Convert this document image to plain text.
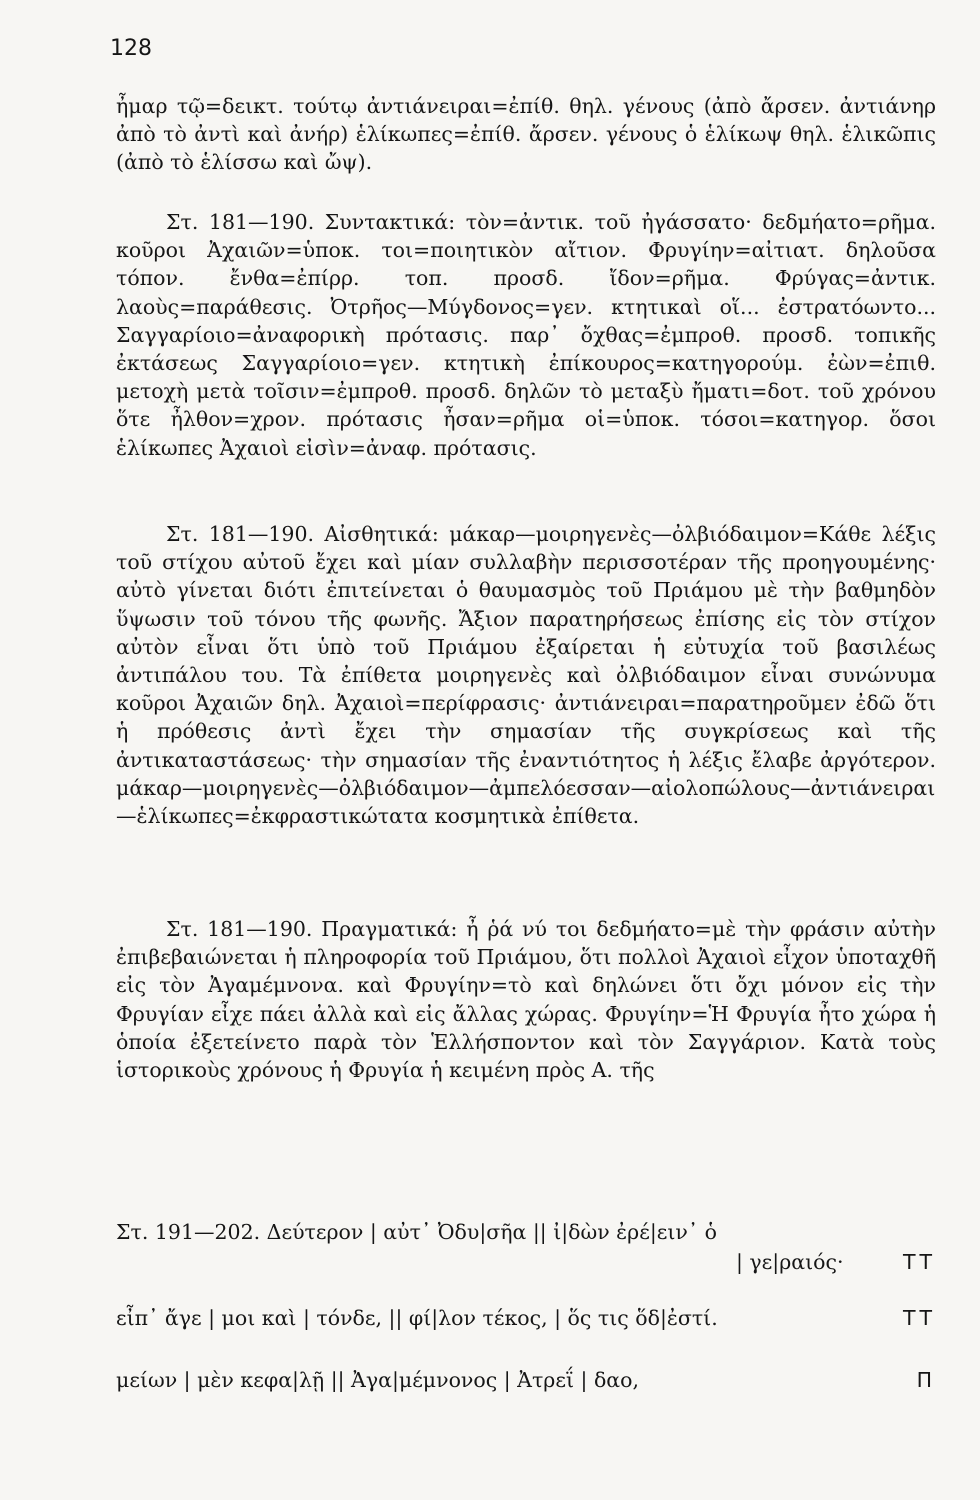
128

ἦμαρ τῷ=δεικτ. τούτῳ ἀντιάνειραι=ἐπίθ. θηλ. γένους (ἀπὸ ἄρσεν. ἀντιάνηρ ἀπὸ τὸ ἀντὶ καὶ ἀνήρ) ἑλίκωπες=ἐπίθ. ἄρσεν. γένους ὁ ἑλίκωψ θηλ. ἑλικῶπις (ἀπὸ τὸ ἑλίσσω καὶ ὤψ).

Στ. 181—190. Συντακτικά: τὸν=ἀντικ. τοῦ ἠγάσσατο· δεδμήατο=ρῆμα. κοῦροι Ἀχαιῶν=ὑποκ. τοι=ποιητικὸν αἴτιον. Φρυγίην=αἰτιατ. δηλοῦσα τόπον. ἔνθα=ἐπίρρ. τοπ. προσδ. ἴδον=ρῆμα. Φρύγας=ἀντικ. λαοὺς=παράθεσις. Ὀτρῆος—Μύγδονος=γεν. κτητικαὶ οἵ... ἐστρατόωντο... Σαγγαρίοιο=ἀναφορικὴ πρότασις. παρ᾽ ὄχθας=ἐμπροθ. προσδ. τοπικῆς ἐκτάσεως Σαγγαρίοιο=γεν. κτητικὴ ἐπίκουρος=κατηγορούμ. ἐὼν=ἐπιθ. μετοχὴ μετὰ τοῖσιν=ἐμπροθ. προσδ. δηλῶν τὸ μεταξὺ ἤματι=δοτ. τοῦ χρόνου ὅτε ἦλθον=χρον. πρότασις ἦσαν=ρῆμα οἱ=ὑποκ. τόσοι=κατηγορ. ὅσοι ἑλίκωπες Ἀχαιοὶ εἰσὶν=ἀναφ. πρότασις.

Στ. 181—190. Αἰσθητικά: μάκαρ—μοιρηγενὲς—ὀλβιόδαιμον=Κάθε λέξις τοῦ στίχου αὐτοῦ ἔχει καὶ μίαν συλλαβὴν περισσοτέραν τῆς προηγουμένης· αὐτὸ γίνεται διότι ἐπιτείνεται ὁ θαυμασμὸς τοῦ Πριάμου μὲ τὴν βαθμηδὸν ὕψωσιν τοῦ τόνου τῆς φωνῆς. Ἄξιον παρατηρήσεως ἐπίσης εἰς τὸν στίχον αὐτὸν εἶναι ὅτι ὑπὸ τοῦ Πριάμου ἐξαίρεται ἡ εὐτυχία τοῦ βασιλέως ἀντιπάλου του. Τὰ ἐπίθετα μοιρηγενὲς καὶ ὀλβιόδαιμον εἶναι συνώνυμα κοῦροι Ἀχαιῶν δηλ. Ἀχαιοὶ=περίφρασις· ἀντιάνειραι=παρατηροῦμεν ἐδῶ ὅτι ἡ πρόθεσις ἀντὶ ἔχει τὴν σημασίαν τῆς συγκρίσεως καὶ τῆς ἀντικαταστάσεως· τὴν σημασίαν τῆς ἐναντιότητος ἡ λέξις ἔλαβε ἀργότερον. μάκαρ—μοιρηγενὲς—ὀλβιόδαιμον—ἀμπελόεσσαν—αἰολοπώλους—ἀντιάνειραι—ἑλίκωπες=ἐκφραστικώτατα κοσμητικὰ ἐπίθετα.

Στ. 181—190. Πραγματικά: ἦ ῥά νύ τοι δεδμήατο=μὲ τὴν φράσιν αὐτὴν ἐπιβεβαιώνεται ἡ πληροφορία τοῦ Πριάμου, ὅτι πολλοὶ Ἀχαιοὶ εἶχον ὑποταχθῆ εἰς τὸν Ἀγαμέμνονα. καὶ Φρυγίην=τὸ καὶ δηλώνει ὅτι ὄχι μόνον εἰς τὴν Φρυγίαν εἶχε πάει ἀλλὰ καὶ εἰς ἄλλας χώρας. Φρυγίην=Ἡ Φρυγία ἦτο χώρα ἡ ὁποία ἐξετείνετο παρὰ τὸν Ἑλλήσποντον καὶ τὸν Σαγγάριον. Κατὰ τοὺς ἱστορικοὺς χρόνους ἡ Φρυγία ἡ κειμένη πρὸς Α. τῆς

Στ. 191—202. Δεύτερον | αὐτ᾽ Ὀδυ|σῆα || ἰ|δὼν ἐρέ|ειν᾽ ὁ
| γε|ραιός·	ΤΤ
εἶπ᾽ ἄγε | μοι καὶ | τόνδε, || φί|λον τέκος, | ὅς τις ὅδ|ἐστί.	ΤΤ
μείων | μὲν κεφα|λῇ || Ἀγα|μέμνονος | Ἀτρεΐ | δαο,	Π
